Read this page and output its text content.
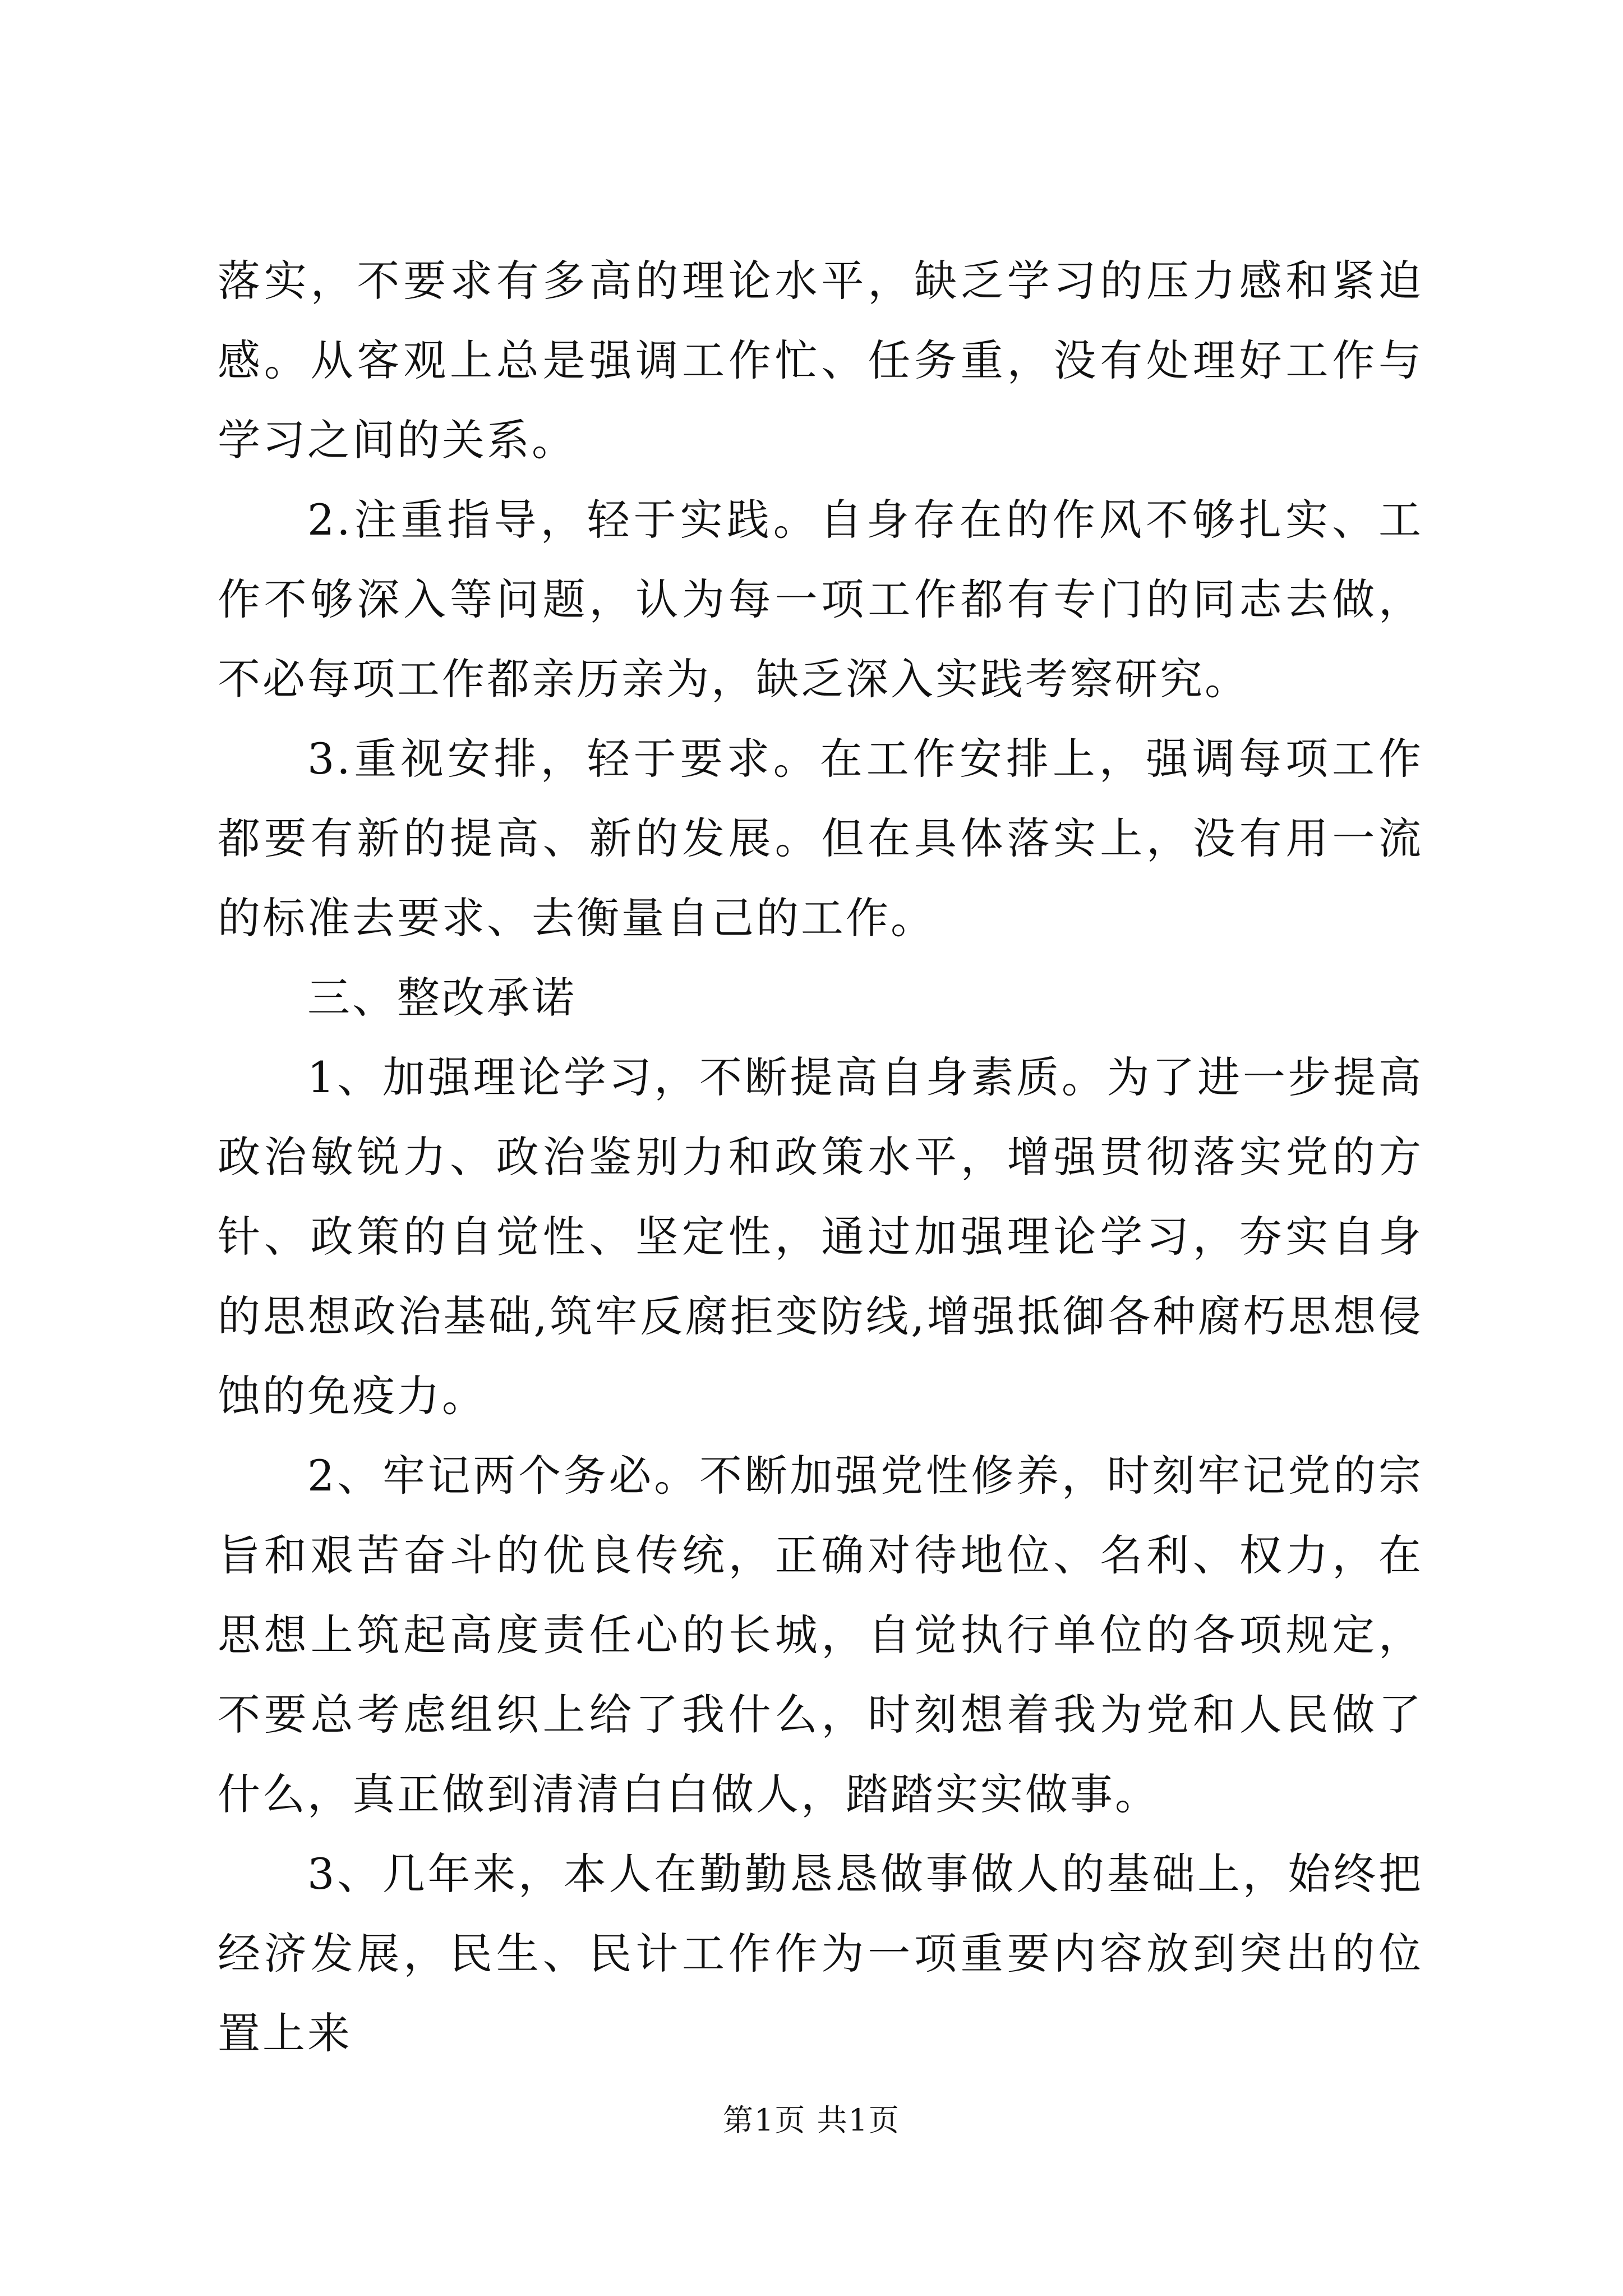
落实，不要求有多高的理论水平，缺乏学习的压力感和紧迫感。从客观上总是强调工作忙、任务重，没有处理好工作与学习之间的关系。

2.注重指导，轻于实践。自身存在的作风不够扎实、工作不够深入等问题，认为每一项工作都有专门的同志去做，不必每项工作都亲历亲为，缺乏深入实践考察研究。

3.重视安排，轻于要求。在工作安排上，强调每项工作都要有新的提高、新的发展。但在具体落实上，没有用一流的标准去要求、去衡量自己的工作。

三、整改承诺

1、加强理论学习，不断提高自身素质。为了进一步提高政治敏锐力、政治鉴别力和政策水平，增强贯彻落实党的方针、政策的自觉性、坚定性，通过加强理论学习，夯实自身的思想政治基础,筑牢反腐拒变防线,增强抵御各种腐朽思想侵蚀的免疫力。

2、牢记两个务必。不断加强党性修养，时刻牢记党的宗旨和艰苦奋斗的优良传统，正确对待地位、名利、权力，在思想上筑起高度责任心的长城，自觉执行单位的各项规定，不要总考虑组织上给了我什么，时刻想着我为党和人民做了什么，真正做到清清白白做人，踏踏实实做事。

3、几年来，本人在勤勤恳恳做事做人的基础上，始终把经济发展，民生、民计工作作为一项重要内容放到突出的位置上来

第1页 共1页
